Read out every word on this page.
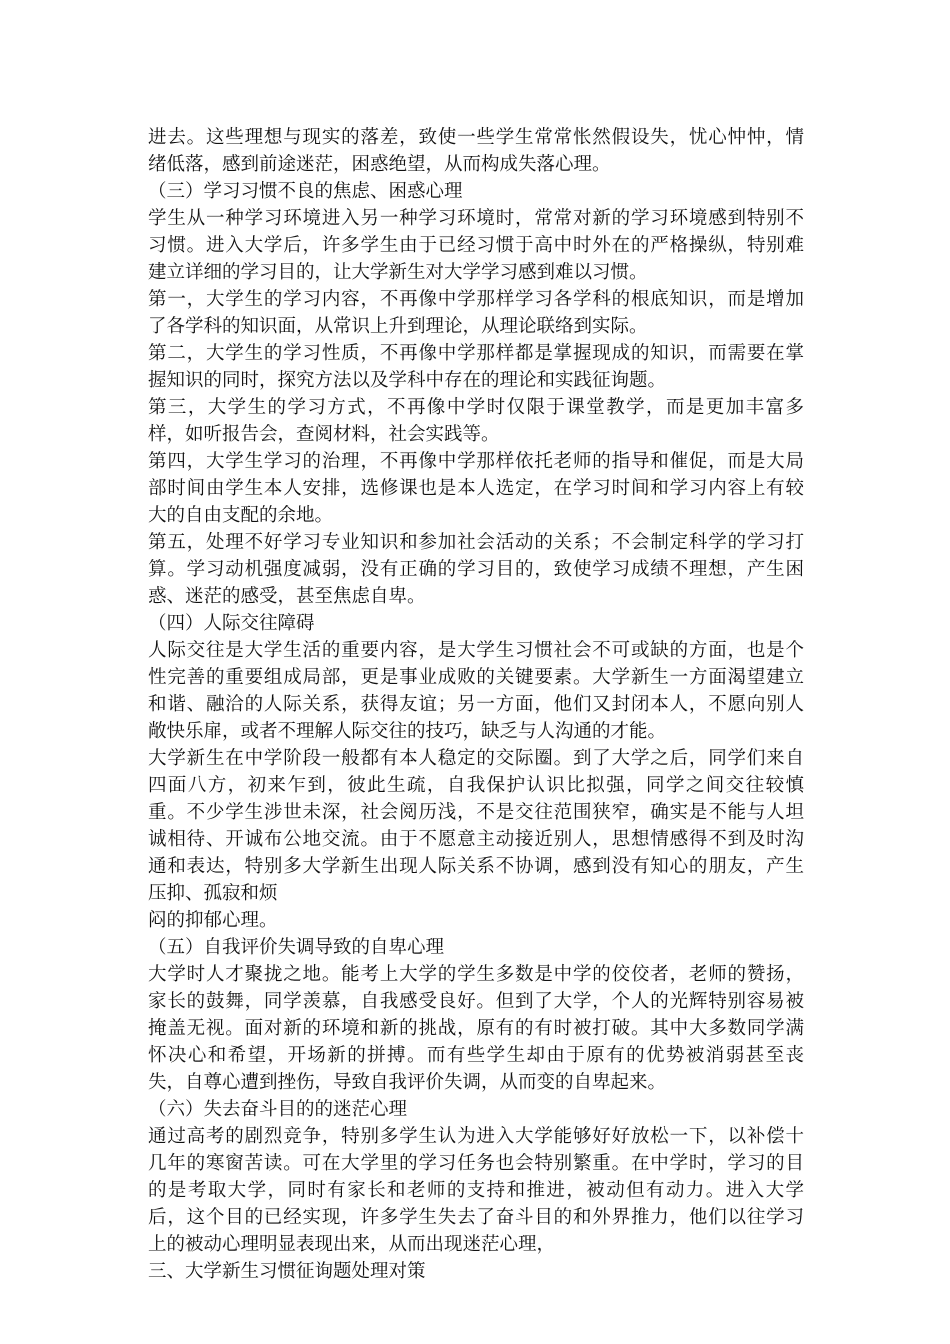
进去。这些理想与现实的落差，致使一些学生常常怅然假设失，忧心忡忡，情
绪低落，感到前途迷茫，困惑绝望，从而构成失落心理。
（三）学习习惯不良的焦虑、困惑心理
学生从一种学习环境进入另一种学习环境时，常常对新的学习环境感到特别不
习惯。进入大学后，许多学生由于已经习惯于高中时外在的严格操纵，特别难
建立详细的学习目的，让大学新生对大学学习感到难以习惯。
第一，大学生的学习内容，不再像中学那样学习各学科的根底知识，而是增加
了各学科的知识面，从常识上升到理论，从理论联络到实际。
第二，大学生的学习性质，不再像中学那样都是掌握现成的知识，而需要在掌
握知识的同时，探究方法以及学科中存在的理论和实践征询题。
第三，大学生的学习方式，不再像中学时仅限于课堂教学，而是更加丰富多
样，如听报告会，查阅材料，社会实践等。
第四，大学生学习的治理，不再像中学那样依托老师的指导和催促，而是大局
部时间由学生本人安排，选修课也是本人选定，在学习时间和学习内容上有较
大的自由支配的余地。
第五，处理不好学习专业知识和参加社会活动的关系；不会制定科学的学习打
算。学习动机强度减弱，没有正确的学习目的，致使学习成绩不理想，产生困
惑、迷茫的感受，甚至焦虑自卑。
（四）人际交往障碍
人际交往是大学生活的重要内容，是大学生习惯社会不可或缺的方面，也是个
性完善的重要组成局部，更是事业成败的关键要素。大学新生一方面渴望建立
和谐、融洽的人际关系，获得友谊；另一方面，他们又封闭本人，不愿向别人
敞快乐扉，或者不理解人际交往的技巧，缺乏与人沟通的才能。
大学新生在中学阶段一般都有本人稳定的交际圈。到了大学之后，同学们来自
四面八方，初来乍到，彼此生疏，自我保护认识比拟强，同学之间交往较慎
重。不少学生涉世未深，社会阅历浅，不是交往范围狭窄，确实是不能与人坦
诚相待、开诚布公地交流。由于不愿意主动接近别人，思想情感得不到及时沟
通和表达，特别多大学新生出现人际关系不协调，感到没有知心的朋友，产生
压抑、孤寂和烦
闷的抑郁心理。
（五）自我评价失调导致的自卑心理
大学时人才聚拢之地。能考上大学的学生多数是中学的佼佼者，老师的赞扬，
家长的鼓舞，同学羡慕，自我感受良好。但到了大学，个人的光辉特别容易被
掩盖无视。面对新的环境和新的挑战，原有的有时被打破。其中大多数同学满
怀决心和希望，开场新的拼搏。而有些学生却由于原有的优势被消弱甚至丧
失，自尊心遭到挫伤，导致自我评价失调，从而变的自卑起来。
（六）失去奋斗目的的迷茫心理
通过高考的剧烈竞争，特别多学生认为进入大学能够好好放松一下，以补偿十
几年的寒窗苦读。可在大学里的学习任务也会特别繁重。在中学时，学习的目
的是考取大学，同时有家长和老师的支持和推进，被动但有动力。进入大学
后，这个目的已经实现，许多学生失去了奋斗目的和外界推力，他们以往学习
上的被动心理明显表现出来，从而出现迷茫心理，
三、大学新生习惯征询题处理对策
